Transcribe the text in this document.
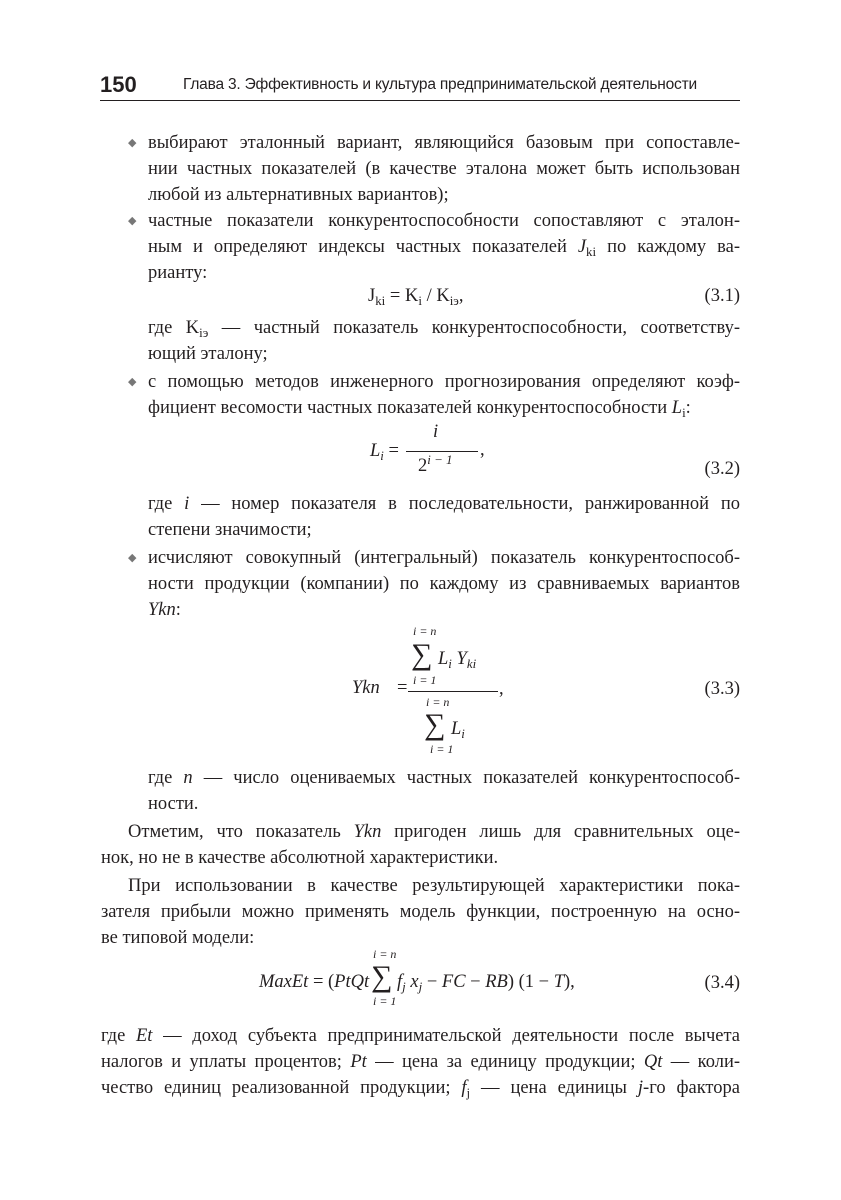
150	Глава 3. Эффективность и культура предпринимательской деятельности
◆
◆
◆
◆
выбирают эталонный вариант, являющийся базовым при сопоставле-
нии частных показателей (в качестве эталона может быть использован
любой из альтернативных вариантов);
частные показатели конкурентоспособности сопоставляют с эталон-
ным и определяют индексы частных показателей $J_{ki}$ по каждому ва-
рианту:
$J_{ki} = K_i / K_{iэ}$,	(3.1)
где $K_{iэ}$ — частный показатель конкурентоспособности, соответству-
ющий эталону;
с помощью методов инженерного прогнозирования определяют коэф-
фициент весомости частных показателей конкурентоспособности $L_i$:
$L_i$ =
i
$2^{i - 1}$ ,
(3.2)
где i — номер показателя в последовательности, ранжированной по
степени значимости;
исчисляют совокупный (интегральный) показатель конкурентоспособ-
ности продукции (компании) по каждому из сравниваемых вариантов
Ykn:
i = n
∑ $L_i$ $Y_{ki}$
i = 1
Ykn =	,
i = n
∑ $L_i$
i = 1
(3.3)
где n — число оцениваемых частных показателей конкурентоспособ-
ности.
Отметим, что показатель Ykn пригоден лишь для сравнительных оце-
нок, но не в качестве абсолютной характеристики.
При использовании в качестве результирующей характеристики пока-
зателя прибыли можно применять модель функции, построенную на осно-
ве типовой модели:
i = n
MaxEt = (PtQt ∑ $f_j$ $x_j$ − FC − RB) (1 − T),
i = 1
(3.4)
где Et — доход субъекта предпринимательской деятельности после вычета
налогов и уплаты процентов; Pt — цена за единицу продукции; Qt — коли-
чество единиц реализованной продукции; $f_j$ — цена единицы j-го фактора
